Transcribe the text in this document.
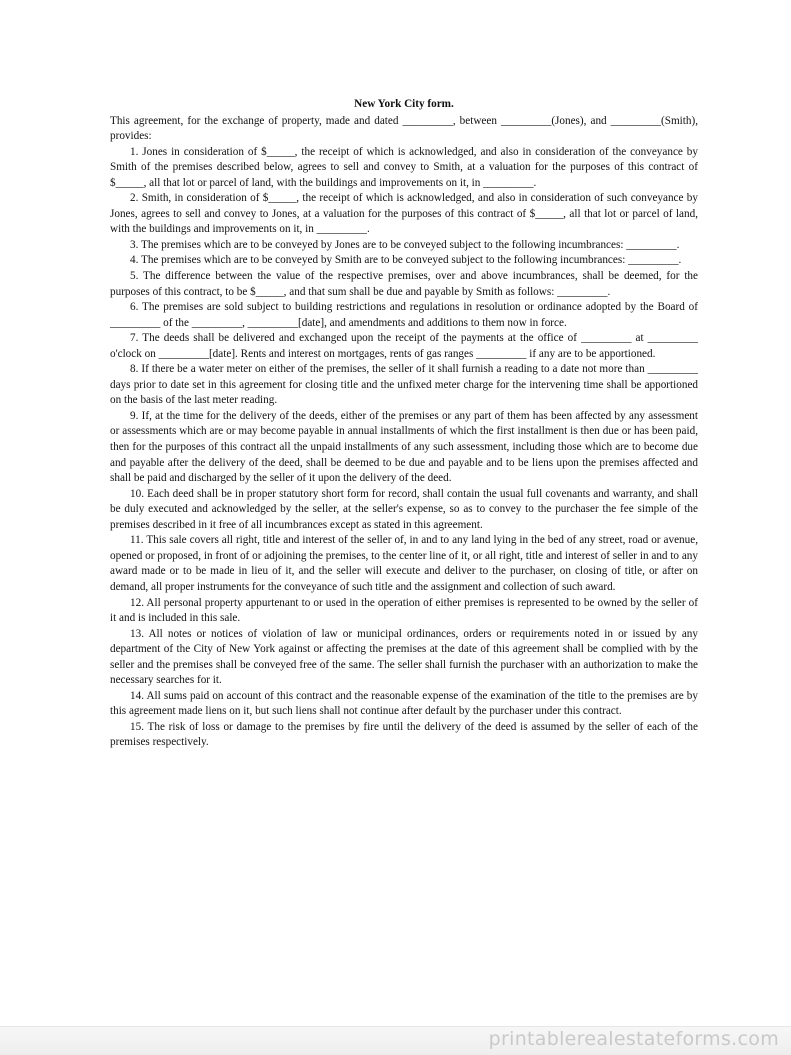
New York City form.

This agreement, for the exchange of property, made and dated _________, between _________(Jones), and _________(Smith), provides:

1. Jones in consideration of $_____, the receipt of which is acknowledged, and also in consideration of the conveyance by Smith of the premises described below, agrees to sell and convey to Smith, at a valuation for the purposes of this contract of $_____, all that lot or parcel of land, with the buildings and improvements on it, in _________.

2. Smith, in consideration of $_____, the receipt of which is acknowledged, and also in consideration of such conveyance by Jones, agrees to sell and convey to Jones, at a valuation for the purposes of this contract of $_____, all that lot or parcel of land, with the buildings and improvements on it, in _________.

3. The premises which are to be conveyed by Jones are to be conveyed subject to the following incumbrances: _________.

4. The premises which are to be conveyed by Smith are to be conveyed subject to the following incumbrances: _________.

5. The difference between the value of the respective premises, over and above incumbrances, shall be deemed, for the purposes of this contract, to be $_____, and that sum shall be due and payable by Smith as follows: _________.

6. The premises are sold subject to building restrictions and regulations in resolution or ordinance adopted by the Board of _________ of the _________, _________[date], and amendments and additions to them now in force.

7. The deeds shall be delivered and exchanged upon the receipt of the payments at the office of _________ at _________ o'clock on _________[date]. Rents and interest on mortgages, rents of gas ranges _________ if any are to be apportioned.

8. If there be a water meter on either of the premises, the seller of it shall furnish a reading to a date not more than _________ days prior to date set in this agreement for closing title and the unfixed meter charge for the intervening time shall be apportioned on the basis of the last meter reading.

9. If, at the time for the delivery of the deeds, either of the premises or any part of them has been affected by any assessment or assessments which are or may become payable in annual installments of which the first installment is then due or has been paid, then for the purposes of this contract all the unpaid installments of any such assessment, including those which are to become due and payable after the delivery of the deed, shall be deemed to be due and payable and to be liens upon the premises affected and shall be paid and discharged by the seller of it upon the delivery of the deed.

10. Each deed shall be in proper statutory short form for record, shall contain the usual full covenants and warranty, and shall be duly executed and acknowledged by the seller, at the seller's expense, so as to convey to the purchaser the fee simple of the premises described in it free of all incumbrances except as stated in this agreement.

11. This sale covers all right, title and interest of the seller of, in and to any land lying in the bed of any street, road or avenue, opened or proposed, in front of or adjoining the premises, to the center line of it, or all right, title and interest of seller in and to any award made or to be made in lieu of it, and the seller will execute and deliver to the purchaser, on closing of title, or after on demand, all proper instruments for the conveyance of such title and the assignment and collection of such award.

12. All personal property appurtenant to or used in the operation of either premises is represented to be owned by the seller of it and is included in this sale.

13. All notes or notices of violation of law or municipal ordinances, orders or requirements noted in or issued by any department of the City of New York against or affecting the premises at the date of this agreement shall be complied with by the seller and the premises shall be conveyed free of the same. The seller shall furnish the purchaser with an authorization to make the necessary searches for it.

14. All sums paid on account of this contract and the reasonable expense of the examination of the title to the premises are by this agreement made liens on it, but such liens shall not continue after default by the purchaser under this contract.

15. The risk of loss or damage to the premises by fire until the delivery of the deed is assumed by the seller of each of the premises respectively.

printablerealestateforms.com
